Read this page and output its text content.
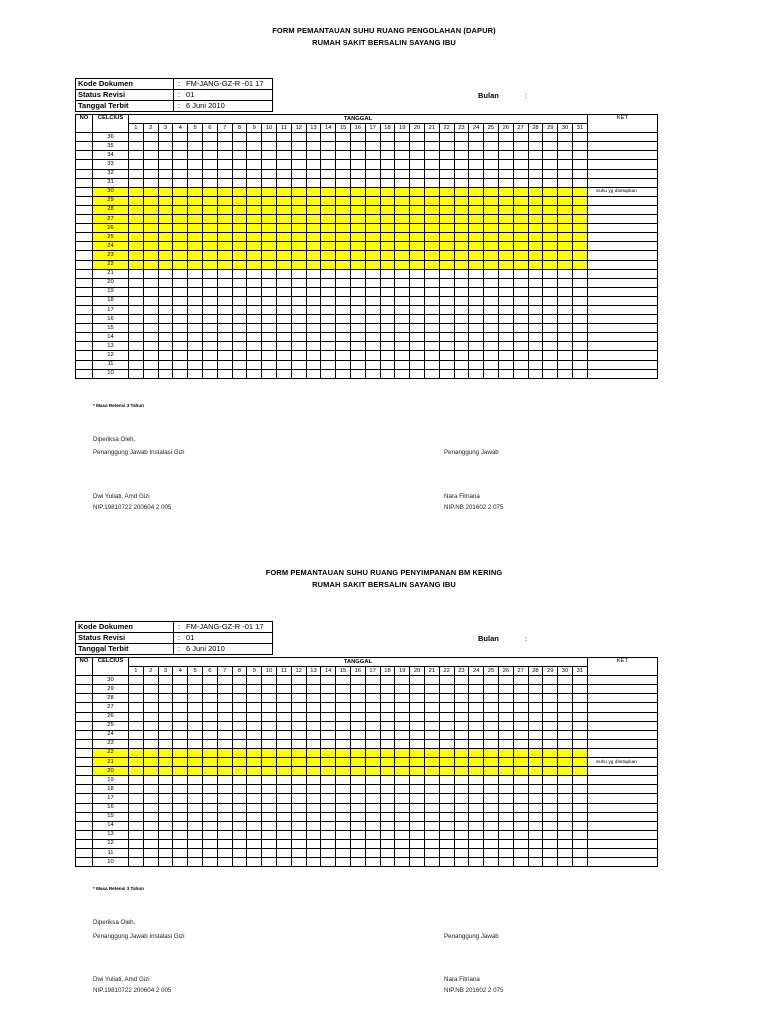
FORM PEMANTAUAN SUHU RUANG PENGOLAHAN (DAPUR)
RUMAH SAKIT BERSALIN SAYANG IBU
Kode Dokumen	:	FM-JANG-GZ-R -01 17
Status Revisi	:	01
Tanggal Terbit	:	6 Juni 2010
Bulan	:
NO	CELCIUS	TANGGAL																															KET
		1	2	3	4	5	6	7	8	9	10	11	12	13	14	15	16	17	18	19	20	21	22	23	24	25	26	27	28	29	30	31	
	36																																
	35																																
	34																																
	33																																
	32																																
	31																																
	30																																Suhu yg ditetapkan
	29																																
	28																																
	27																																
	26																																
	25																																
	24																																
	23																																
	22																																
	21																																
	20																																
	19																																
	18																																
	17																																
	16																																
	15																																
	14																																
	13																																
	12																																
	11																																
	10																																
* Masa Retensi 3 Tahun
Diperiksa Oleh,
Penanggung Jawab Instalasi Gizi	Penanggung Jawab
Dwi Yuliati, Amd Gizi
NIP.19810722 200604 2 005
Nara Fitriana
NIP.NB 201602 2 075
FORM PEMANTAUAN SUHU RUANG PENYIMPANAN BM KERING
RUMAH SAKIT BERSALIN SAYANG IBU
Kode Dokumen	:	FM-JANG-GZ-R -01 17
Status Revisi	:	01
Tanggal Terbit	:	6 Juni 2010
Bulan	:
NO	CELCIUS	TANGGAL																															KET
		1	2	3	4	5	6	7	8	9	10	11	12	13	14	15	16	17	18	19	20	21	22	23	24	25	26	27	28	29	30	31	
	30																																
	29																																
	28																																
	27																																
	26																																
	25																																
	24																																
	23																																
	22																																
	21																																Suhu yg ditetapkan
	20																																
	19																																
	18																																
	17																																
	16																																
	15																																
	14																																
	13																																
	12																																
	11																																
	10																																
* Masa Retensi 3 Tahun
Diperiksa Oleh,
Penanggung Jawab Instalasi Gizi	Penanggung Jawab
Dwi Yuliati, Amd Gizi
NIP.19810722 200604 2 005
Nara Fitriana
NIP.NB 201602 2 075
